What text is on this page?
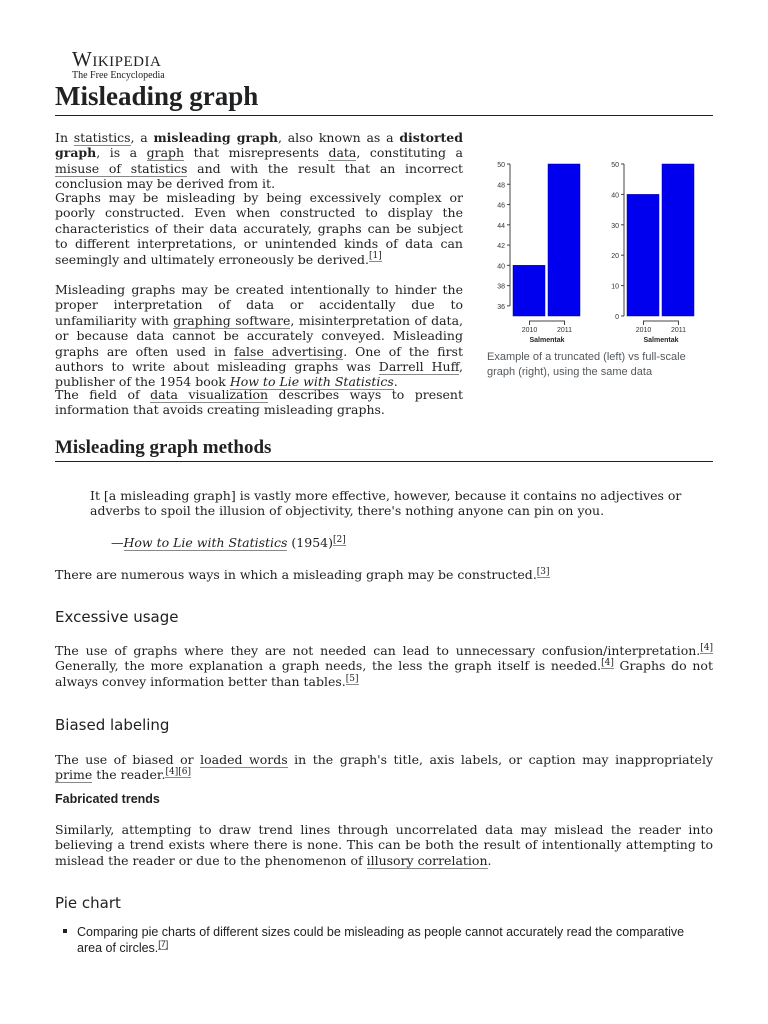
Wikipedia
The Free Encyclopedia
Misleading graph

In statistics, a misleading graph, also known as a distorted graph, is a graph that misrepresents data, constituting a misuse of statistics and with the result that an incorrect conclusion may be derived from it.

Graphs may be misleading by being excessively complex or poorly constructed. Even when constructed to display the characteristics of their data accurately, graphs can be subject to different interpretations, or unintended kinds of data can seemingly and ultimately erroneously be derived.[1]

Misleading graphs may be created intentionally to hinder the proper interpretation of data or accidentally due to unfamiliarity with graphing software, misinterpretation of data, or because data cannot be accurately conveyed. Misleading graphs are often used in false advertising. One of the first authors to write about misleading graphs was Darrell Huff, publisher of the 1954 book How to Lie with Statistics.

The field of data visualization describes ways to present information that avoids creating misleading graphs.

36
38
40
42
44
46
48
50
2010	2011
Salmentak
0
10
20
30
40
50
2010	2011
Salmentak
Example of a truncated (left) vs full-scale graph (right), using the same data
Misleading graph methods

It [a misleading graph] is vastly more effective, however, because it contains no adjectives or adverbs to spoil the illusion of objectivity, there's nothing anyone can pin on you.

—How to Lie with Statistics (1954)[2]

There are numerous ways in which a misleading graph may be constructed.[3]

Excessive usage

The use of graphs where they are not needed can lead to unnecessary confusion/interpretation.[4] Generally, the more explanation a graph needs, the less the graph itself is needed.[4] Graphs do not always convey information better than tables.[5]

Biased labeling

The use of biased or loaded words in the graph's title, axis labels, or caption may inappropriately prime the reader.[4][6]

Fabricated trends

Similarly, attempting to draw trend lines through uncorrelated data may mislead the reader into believing a trend exists where there is none. This can be both the result of intentionally attempting to mislead the reader or due to the phenomenon of illusory correlation.

Pie chart
Comparing pie charts of different sizes could be misleading as people cannot accurately read the comparative area of circles.[7]
